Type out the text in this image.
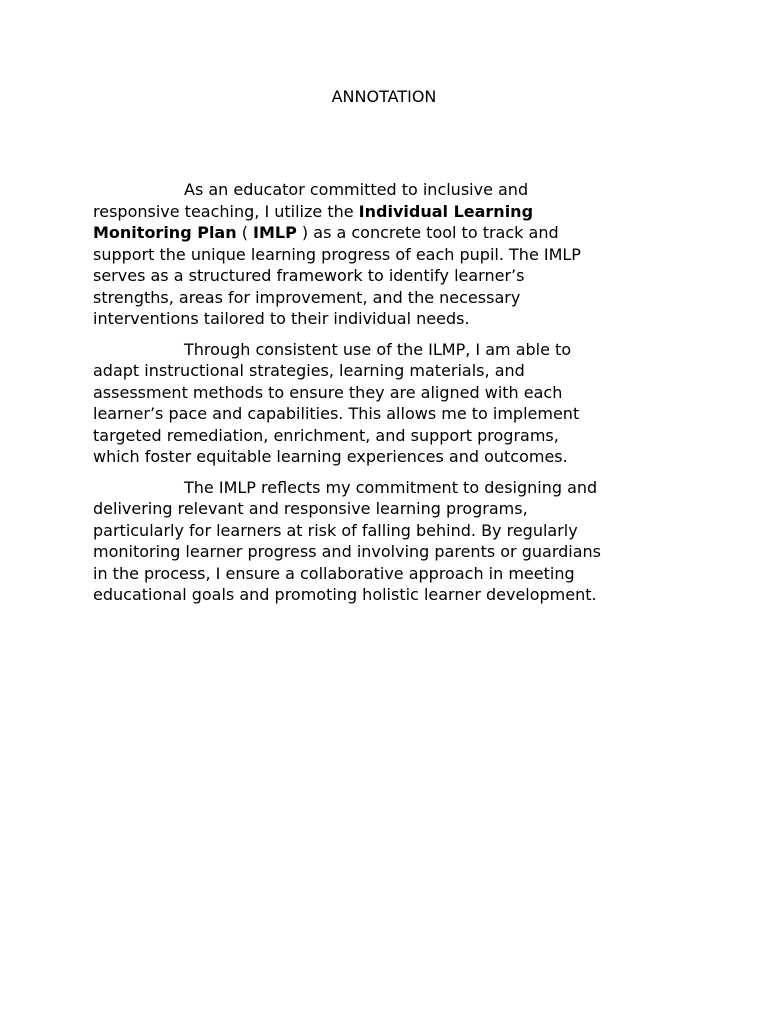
ANNOTATION

As an educator committed to inclusive and
responsive teaching, I utilize the Individual Learning
Monitoring Plan ( IMLP ) as a concrete tool to track and
support the unique learning progress of each pupil. The IMLP
serves as a structured framework to identify learner’s
strengths, areas for improvement, and the necessary
interventions tailored to their individual needs.

Through consistent use of the ILMP, I am able to
adapt instructional strategies, learning materials, and
assessment methods to ensure they are aligned with each
learner’s pace and capabilities. This allows me to implement
targeted remediation, enrichment, and support programs,
which foster equitable learning experiences and outcomes.

The IMLP reflects my commitment to designing and
delivering relevant and responsive learning programs,
particularly for learners at risk of falling behind. By regularly
monitoring learner progress and involving parents or guardians
in the process, I ensure a collaborative approach in meeting
educational goals and promoting holistic learner development.
